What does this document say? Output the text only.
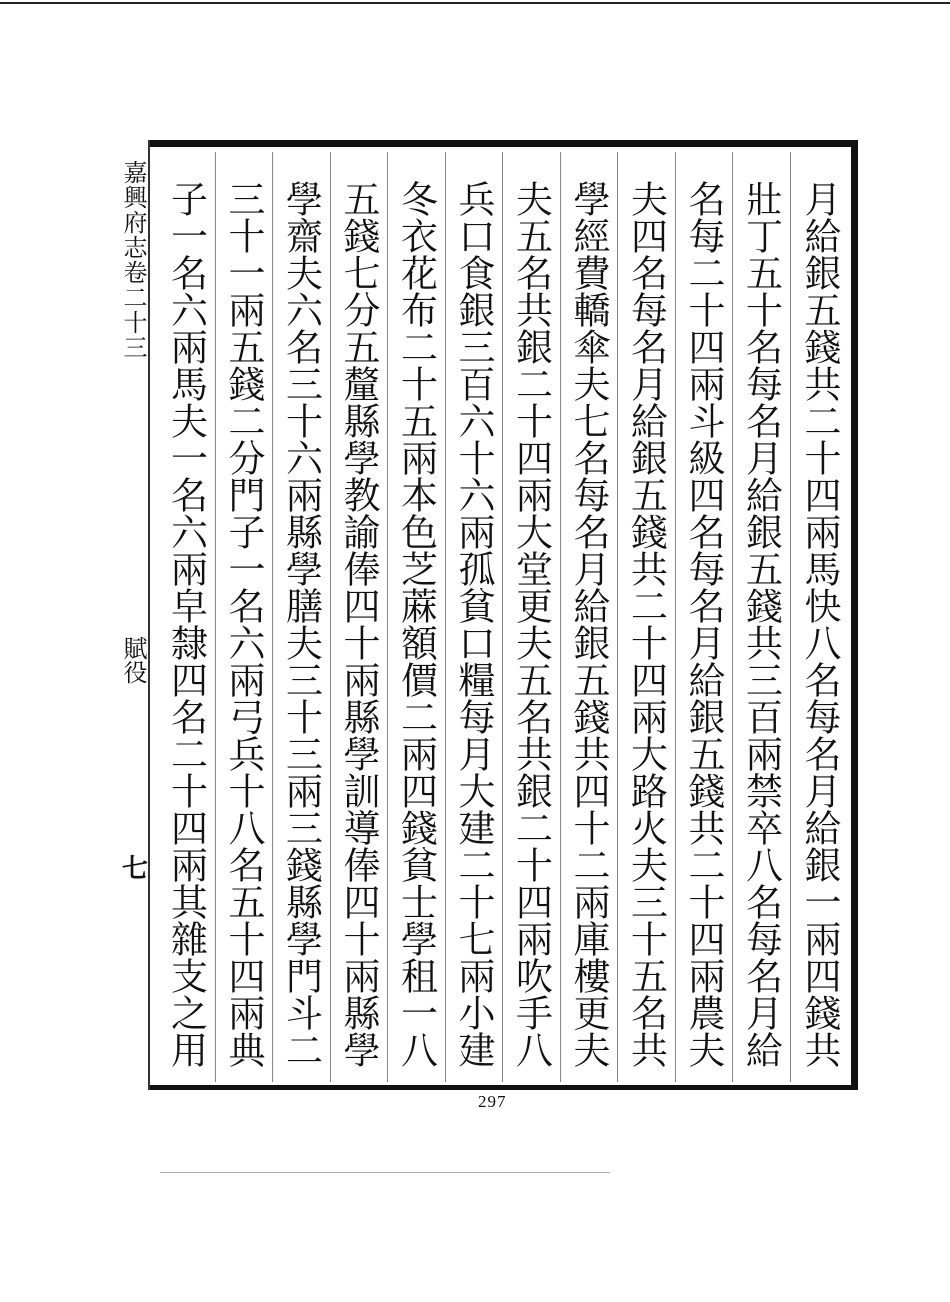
嘉興府志卷二十三
賦役
七
月給銀五錢共二十四兩馬快八名每名月給銀一兩四錢共
壯丁五十名每名月給銀五錢共三百兩禁卒八名每名月給
名每二十四兩斗級四名每名月給銀五錢共二十四兩農夫
夫四名每名月給銀五錢共二十四兩大路火夫三十五名共
學經費轎傘夫七名每名月給銀五錢共四十二兩庫樓更夫
夫五名共銀二十四兩大堂更夫五名共銀二十四兩吹手八
兵口食銀三百六十六兩孤貧口糧每月大建二十七兩小建
冬衣花布二十五兩本色芝蔴額價二兩四錢貧士學租一八
五錢七分五釐縣學教諭俸四十兩縣學訓導俸四十兩縣學
學齋夫六名三十六兩縣學膳夫三十三兩三錢縣學門斗二
三十一兩五錢二分門子一名六兩弓兵十八名五十四兩典
子一名六兩馬夫一名六兩皁隸四名二十四兩其雜支之用
297
